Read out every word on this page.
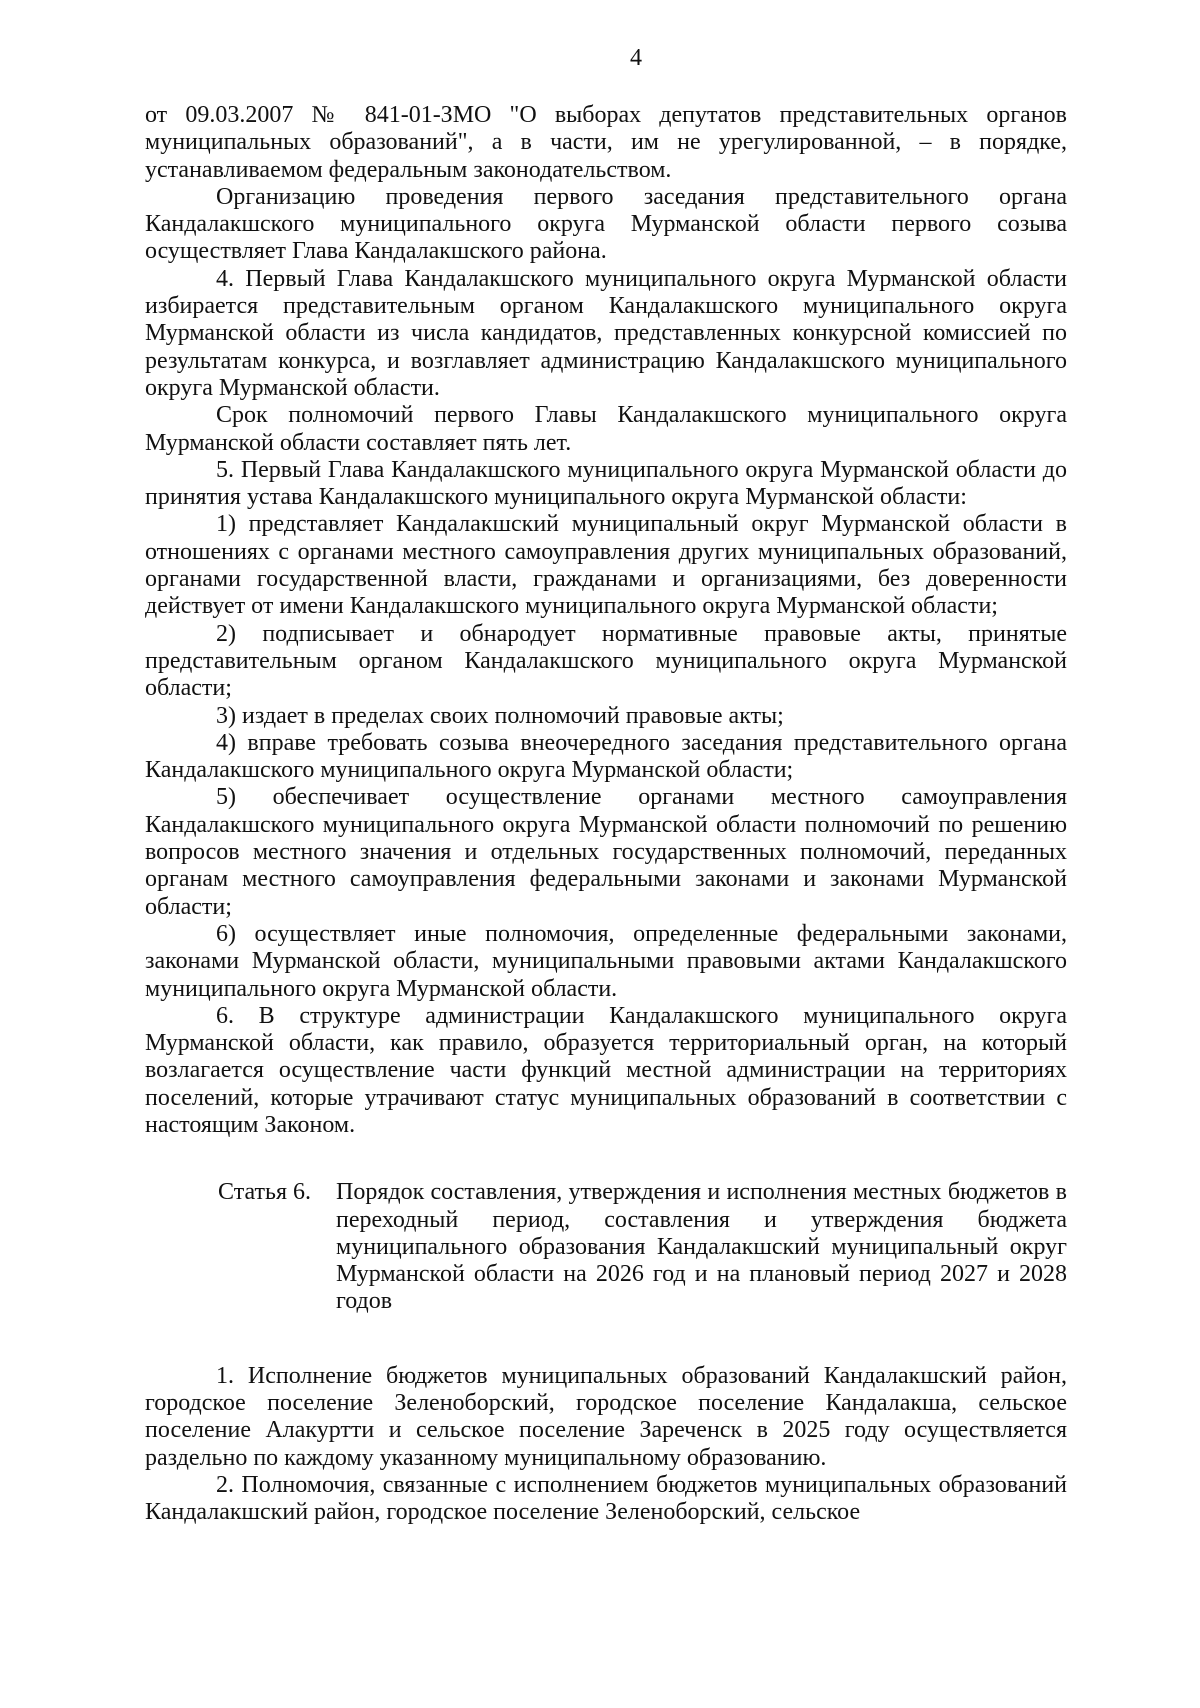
4

от 09.03.2007 № 841-01-ЗМО "О выборах депутатов представительных органов муниципальных образований", а в части, им не урегулированной, – в порядке, устанавливаемом федеральным законодательством.

Организацию проведения первого заседания представительного органа Кандалакшского муниципального округа Мурманской области первого созыва осуществляет Глава Кандалакшского района.

4. Первый Глава Кандалакшского муниципального округа Мурманской области избирается представительным органом Кандалакшского муниципального округа Мурманской области из числа кандидатов, представленных конкурсной комиссией по результатам конкурса, и возглавляет администрацию Кандалакшского муниципального округа Мурманской области.

Срок полномочий первого Главы Кандалакшского муниципального округа Мурманской области составляет пять лет.

5. Первый Глава Кандалакшского муниципального округа Мурманской области до принятия устава Кандалакшского муниципального округа Мурманской области:

1) представляет Кандалакшский муниципальный округ Мурманской области в отношениях с органами местного самоуправления других муниципальных образований, органами государственной власти, гражданами и организациями, без доверенности действует от имени Кандалакшского муниципального округа Мурманской области;

2) подписывает и обнародует нормативные правовые акты, принятые представительным органом Кандалакшского муниципального округа Мурманской области;

3) издает в пределах своих полномочий правовые акты;

4) вправе требовать созыва внеочередного заседания представительного органа Кандалакшского муниципального округа Мурманской области;

5) обеспечивает осуществление органами местного самоуправления Кандалакшского муниципального округа Мурманской области полномочий по решению вопросов местного значения и отдельных государственных полномочий, переданных органам местного самоуправления федеральными законами и законами Мурманской области;

6) осуществляет иные полномочия, определенные федеральными законами, законами Мурманской области, муниципальными правовыми актами Кандалакшского муниципального округа Мурманской области.

6. В структуре администрации Кандалакшского муниципального округа Мурманской области, как правило, образуется территориальный орган, на который возлагается осуществление части функций местной администрации на территориях поселений, которые утрачивают статус муниципальных образований в соответствии с настоящим Законом.

Статья 6.	Порядок составления, утверждения и исполнения местных бюджетов в переходный период, составления и утверждения бюджета муниципального образования Кандалакшский муниципальный округ Мурманской области на 2026 год и на плановый период 2027 и 2028 годов

1. Исполнение бюджетов муниципальных образований Кандалакшский район, городское поселение Зеленоборский, городское поселение Кандалакша, сельское поселение Алакуртти и сельское поселение Зареченск в 2025 году осуществляется раздельно по каждому указанному муниципальному образованию.

2. Полномочия, связанные с исполнением бюджетов муниципальных образований Кандалакшский район, городское поселение Зеленоборский, сельское
